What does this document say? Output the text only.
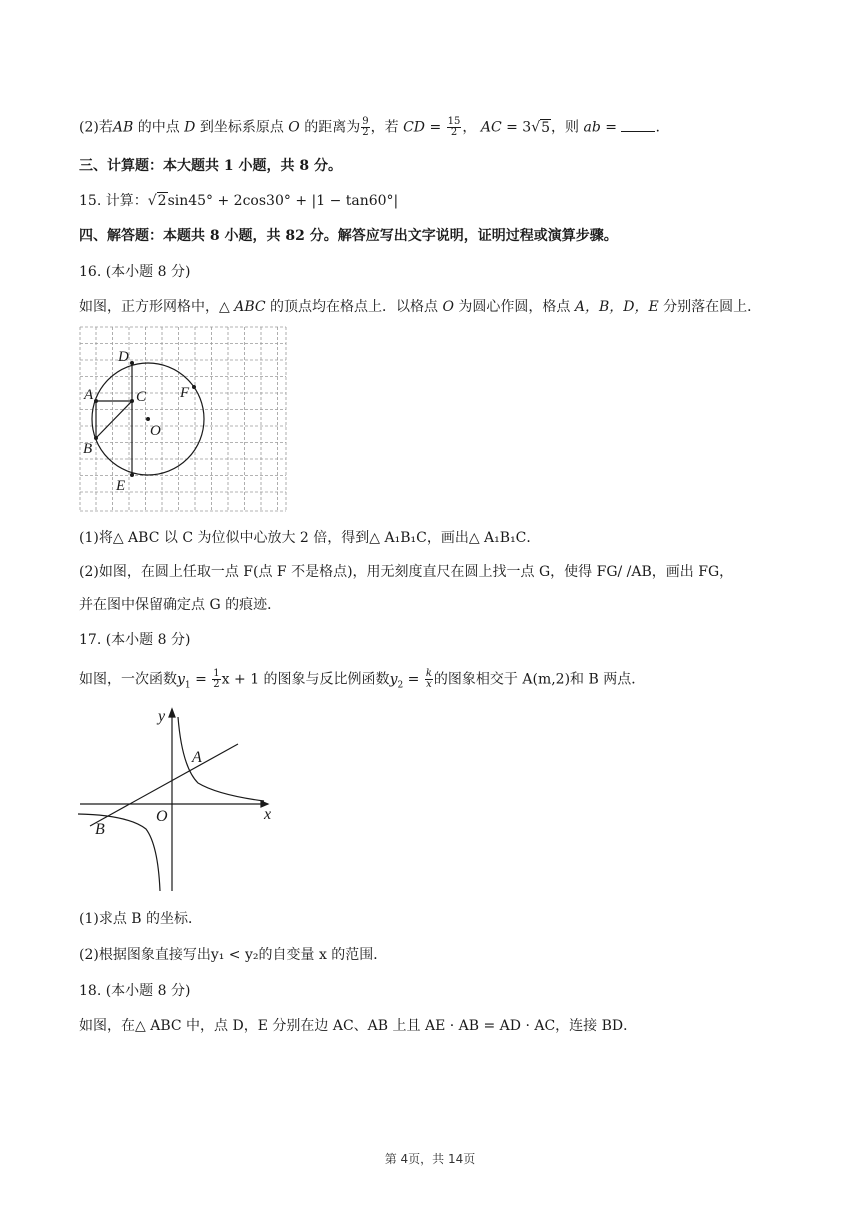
(2)若AB 的中点 D 到坐标系原点 O 的距离为 $\frac{9}{2}$ ，若 CD = $\frac{15}{2}$ ， AC = 3√5，则 ab = .
三、计算题：本大题共 1 小题，共 8 分。
15. 计算：√2sin45° + 2cos30° + |1 − tan60°|
四、解答题：本题共 8 小题，共 82 分。解答应写出文字说明，证明过程或演算步骤。
16. (本小题 8 分)
如图，正方形网格中，△ ABC 的顶点均在格点上．以格点 O 为圆心作圆，格点 A，B，D，E 分别落在圆上．
D
A	C F
O
B
E
(1)将△ ABC 以 C 为位似中心放大 2 倍，得到△ A₁B₁C，画出△ A₁B₁C．
(2)如图，在圆上任取一点 F(点 F 不是格点)，用无刻度直尺在圆上找一点 G，使得 FG/ /AB，画出 FG，
并在图中保留确定点 G 的痕迹．
17. (本小题 8 分)
如图，一次函数$y_1 = \frac{1}{2}$ x + 1 的图象与反比例函数$y_2 = \frac{k}{x}$ 的图象相交于 A(m,2)和 B 两点．
y
x
O
A
B
(1)求点 B 的坐标．
(2)根据图象直接写出y₁ < y₂的自变量 x 的范围．
18. (本小题 8 分)
如图，在△ ABC 中，点 D，E 分别在边 AC、AB 上且 AE · AB = AD · AC，连接 BD．
第 4页，共 14页
